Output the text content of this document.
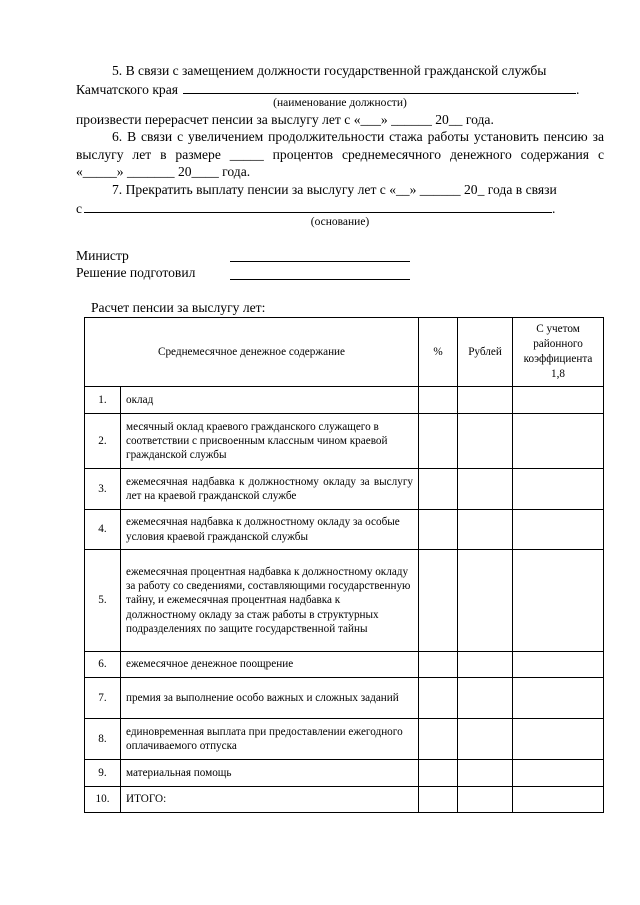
5. В связи с замещением должности государственной гражданской службы
Камчатского края	.
(наименование должности)
произвести перерасчет пенсии за выслугу лет с «___» ______ 20__ года.
6. В связи с увеличением продолжительности стажа работы установить пенсию за выслугу лет в размере _____ процентов среднемесячного денежного содержания с «_____» _______ 20____ года.
7. Прекратить выплату пенсии за выслугу лет с «__» ______ 20_ года в связи
с	.
(основание)
Министр
Решение подготовил
Расчет пенсии за выслугу лет:
Среднемесячное денежное содержание		%	Рублей	С учетом районного коэффициента 1,8
1.	оклад			
2.	месячный оклад краевого гражданского служащего в соответствии с присвоенным классным чином краевой гражданской службы			
3.	ежемесячная надбавка к должностному окладу за выслугу лет на краевой гражданской службе			
4.	ежемесячная надбавка к должностному окладу за особые условия краевой гражданской службы			
5.	ежемесячная процентная надбавка к должностному окладу за работу со сведениями, составляющими государственную тайну, и ежемесячная процентная надбавка к должностному окладу за стаж работы в структурных подразделениях по защите государственной тайны			
6.	ежемесячное денежное поощрение			
7.	премия за выполнение особо важных и сложных заданий			
8.	единовременная выплата при предоставлении ежегодного оплачиваемого отпуска			
9.	материальная помощь			
10.	ИТОГО:			
